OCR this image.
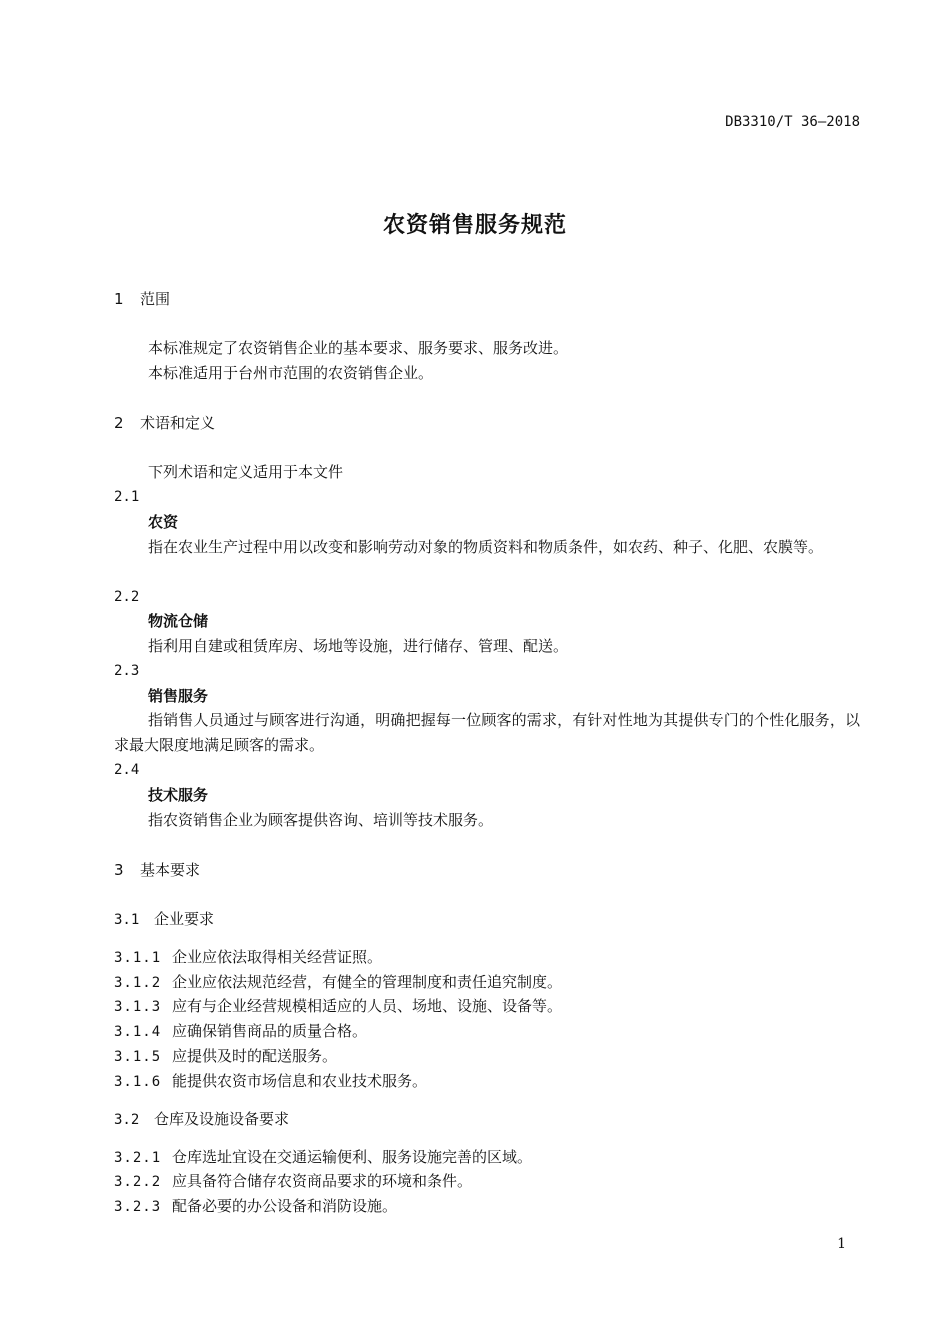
DB3310/T 36—2018
农资销售服务规范
1 范围
本标准规定了农资销售企业的基本要求、服务要求、服务改进。
本标准适用于台州市范围的农资销售企业。
2 术语和定义
下列术语和定义适用于本文件
2.1
农资
指在农业生产过程中用以改变和影响劳动对象的物质资料和物质条件，如农药、种子、化肥、农膜等。
2.2
物流仓储
指利用自建或租赁库房、场地等设施，进行储存、管理、配送。
2.3
销售服务
指销售人员通过与顾客进行沟通，明确把握每一位顾客的需求，有针对性地为其提供专门的个性化服务，以求最大限度地满足顾客的需求。
2.4
技术服务
指农资销售企业为顾客提供咨询、培训等技术服务。
3 基本要求
3.1 企业要求
3.1.1 企业应依法取得相关经营证照。
3.1.2 企业应依法规范经营，有健全的管理制度和责任追究制度。
3.1.3 应有与企业经营规模相适应的人员、场地、设施、设备等。
3.1.4 应确保销售商品的质量合格。
3.1.5 应提供及时的配送服务。
3.1.6 能提供农资市场信息和农业技术服务。
3.2 仓库及设施设备要求
3.2.1 仓库选址宜设在交通运输便利、服务设施完善的区域。
3.2.2 应具备符合储存农资商品要求的环境和条件。
3.2.3 配备必要的办公设备和消防设施。
1
